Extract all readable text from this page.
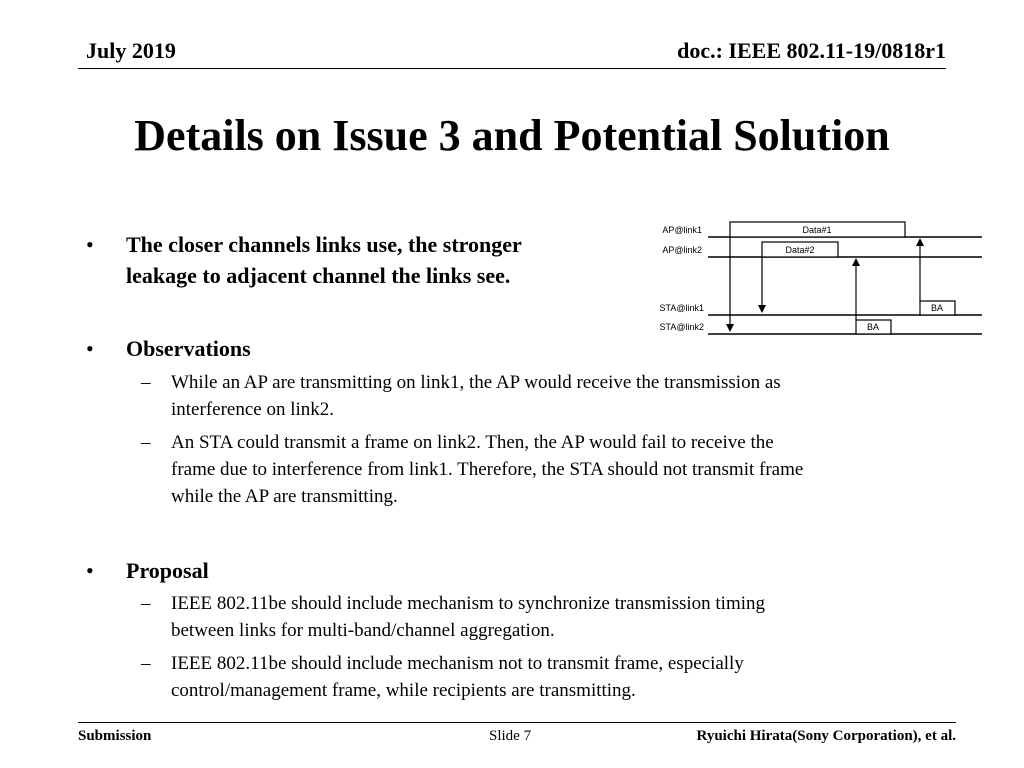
July 2019	doc.: IEEE 802.11-19/0818r1
Details on Issue 3 and Potential Solution
• The closer channels links use, the stronger
leakage to adjacent channel the links see.
• Observations
– While an AP are transmitting on link1, the AP would receive the transmission as
interference on link2.
– An STA could transmit a frame on link2. Then, the AP would fail to receive the
frame due to interference from link1. Therefore, the STA should not transmit frame
while the AP are transmitting.
• Proposal
– IEEE 802.11be should include mechanism to synchronize transmission timing
between links for multi-band/channel aggregation.
– IEEE 802.11be should include mechanism not to transmit frame, especially
control/management frame, while recipients are transmitting.
AP@link1
AP@link2
STA@link1
STA@link2
Data#1
Data#2
BA
BA
Submission	Slide 7	Ryuichi Hirata(Sony Corporation), et al.
